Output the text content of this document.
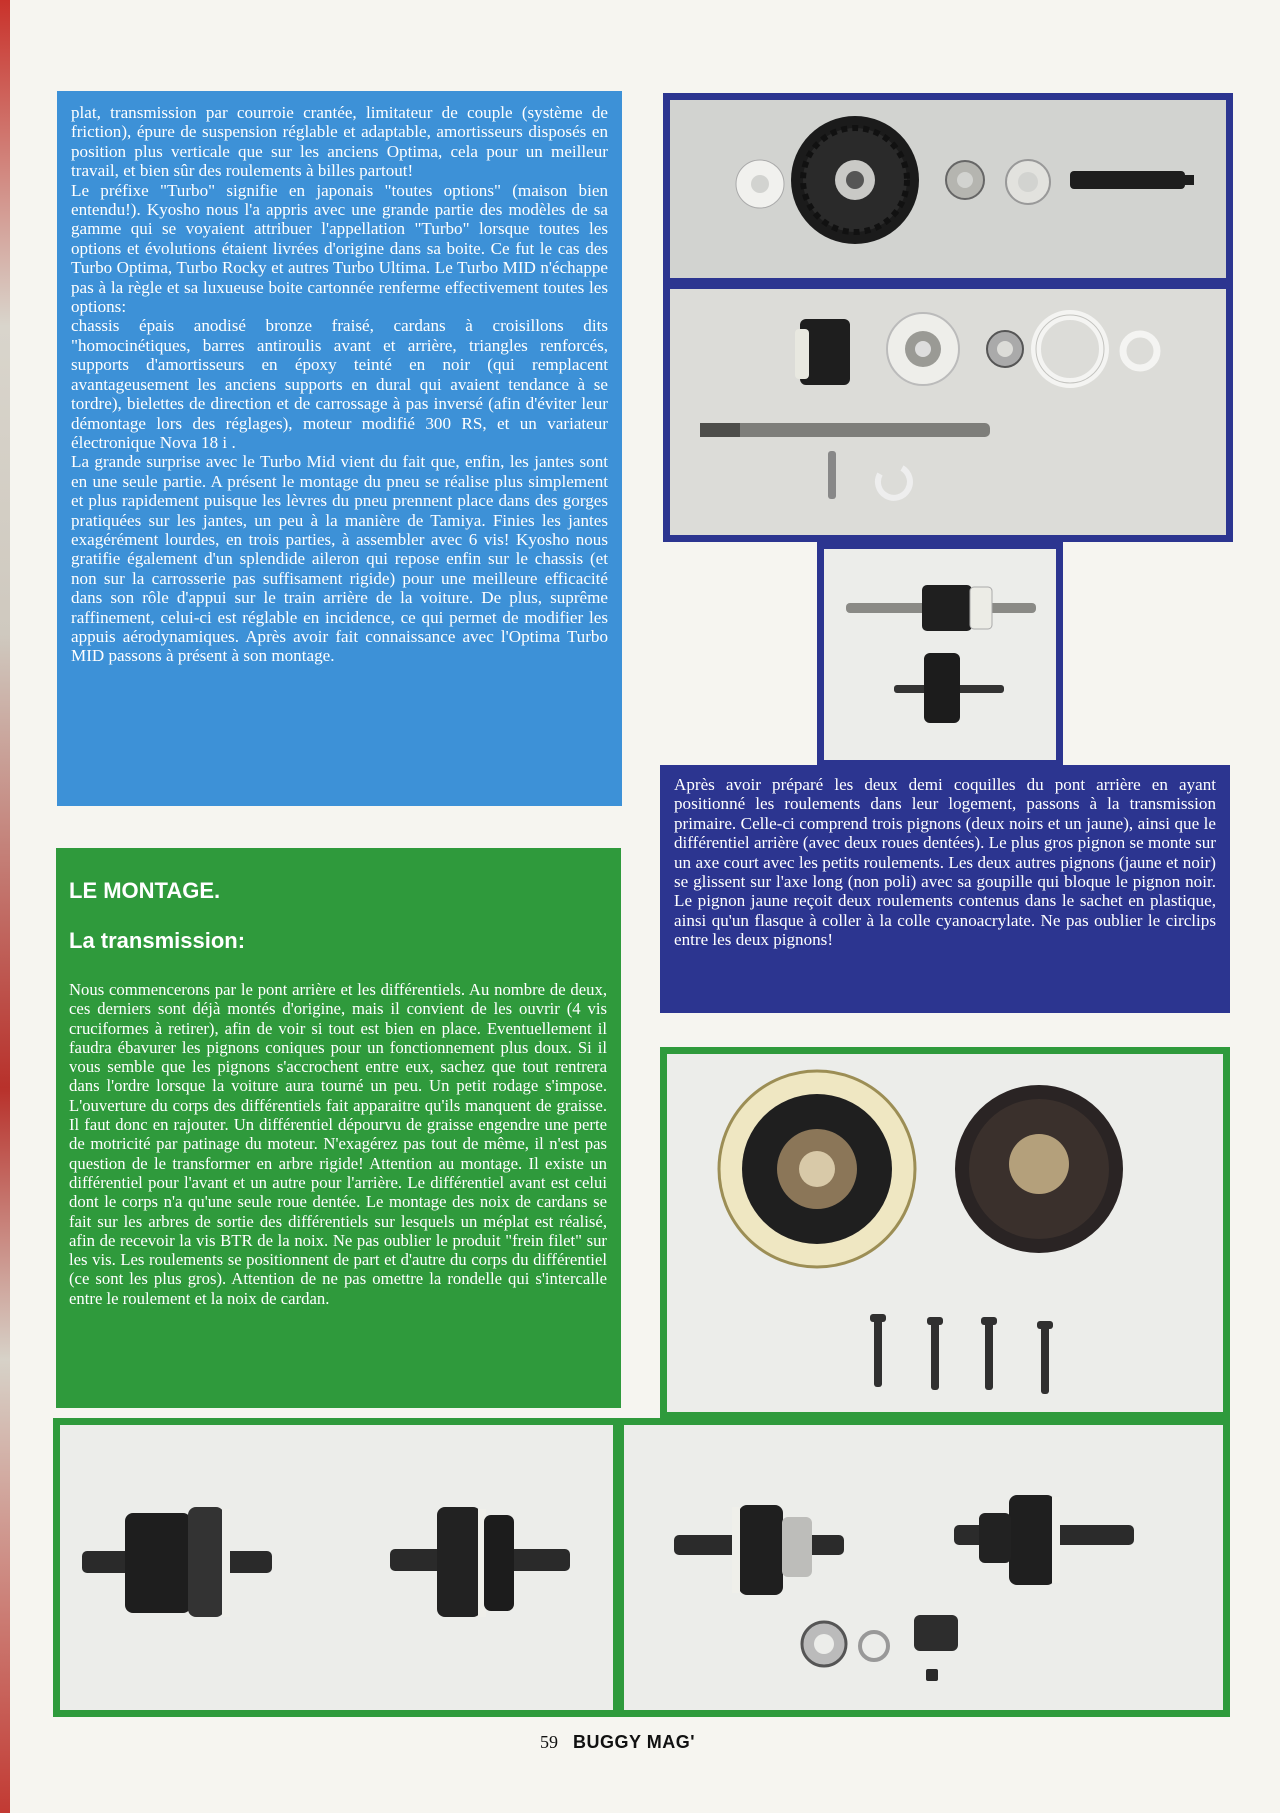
plat, transmission par courroie crantée, limitateur de couple (système de friction), épure de suspension réglable et adaptable, amortisseurs disposés en position plus verticale que sur les anciens Optima, cela pour un meilleur travail, et bien sûr des roulements à billes partout!
Le préfixe "Turbo" signifie en japonais "toutes options" (maison bien entendu!). Kyosho nous l'a appris avec une grande partie des modèles de sa gamme qui se voyaient attribuer l'appellation "Turbo" lorsque toutes les options et évolutions étaient livrées d'origine dans sa boite. Ce fut le cas des Turbo Optima, Turbo Rocky et autres Turbo Ultima. Le Turbo MID n'échappe pas à la règle et sa luxueuse boite cartonnée renferme effectivement toutes les options:
chassis épais anodisé bronze fraisé, cardans à croisillons dits "homocinétiques, barres antiroulis avant et arrière, triangles renforcés, supports d'amortisseurs en époxy teinté en noir (qui remplacent avantageusement les anciens supports en dural qui avaient tendance à se tordre), bielettes de direction et de carrossage à pas inversé (afin d'éviter leur démontage lors des réglages), moteur modifié 300 RS, et un variateur électronique Nova 18 i .
La grande surprise avec le Turbo Mid vient du fait que, enfin, les jantes sont en une seule partie. A présent le montage du pneu se réalise plus simplement et plus rapidement puisque les lèvres du pneu prennent place dans des gorges pratiquées sur les jantes, un peu à la manière de Tamiya. Finies les jantes exagérément lourdes, en trois parties, à assembler avec 6 vis! Kyosho nous gratifie également d'un splendide aileron qui repose enfin sur le chassis (et non sur la carrosserie pas suffisament rigide) pour une meilleure efficacité dans son rôle d'appui sur le train arrière de la voiture. De plus, suprême raffinement, celui-ci est réglable en incidence, ce qui permet de modifier les appuis aérodynamiques. Après avoir fait connaissance avec l'Optima Turbo MID passons à présent à son montage.

LE MONTAGE.

La transmission:

Nous commencerons par le pont arrière et les différentiels. Au nombre de deux, ces derniers sont déjà montés d'origine, mais il convient de les ouvrir (4 vis cruciformes à retirer), afin de voir si tout est bien en place. Eventuellement il faudra ébavurer les pignons coniques pour un fonctionnement plus doux. Si il vous semble que les pignons s'accrochent entre eux, sachez que tout rentrera dans l'ordre lorsque la voiture aura tourné un peu. Un petit rodage s'impose. L'ouverture du corps des différentiels fait apparaitre qu'ils manquent de graisse. Il faut donc en rajouter. Un différentiel dépourvu de graisse engendre une perte de motricité par patinage du moteur. N'exagérez pas tout de même, il n'est pas question de le transformer en arbre rigide! Attention au montage. Il existe un différentiel pour l'avant et un autre pour l'arrière. Le différentiel avant est celui dont le corps n'a qu'une seule roue dentée. Le montage des noix de cardans se fait sur les arbres de sortie des différentiels sur lesquels un méplat est réalisé, afin de recevoir la vis BTR de la noix. Ne pas oublier le produit "frein filet" sur les vis. Les roulements se positionnent de part et d'autre du corps du différentiel (ce sont les plus gros). Attention de ne pas omettre la rondelle qui s'intercalle entre le roulement et la noix de cardan.

Après avoir préparé les deux demi coquilles du pont arrière en ayant positionné les roulements dans leur logement, passons à la transmission primaire. Celle-ci comprend trois pignons (deux noirs et un jaune), ainsi que le différentiel arrière (avec deux roues dentées). Le plus gros pignon se monte sur un axe court avec les petits roulements. Les deux autres pignons (jaune et noir) se glissent sur l'axe long (non poli) avec sa goupille qui bloque le pignon noir. Le pignon jaune reçoit deux roulements contenus dans le sachet en plastique, ainsi qu'un flasque à coller à la colle cyanoacrylate. Ne pas oublier le circlips entre les deux pignons!

59 BUGGY MAG'
